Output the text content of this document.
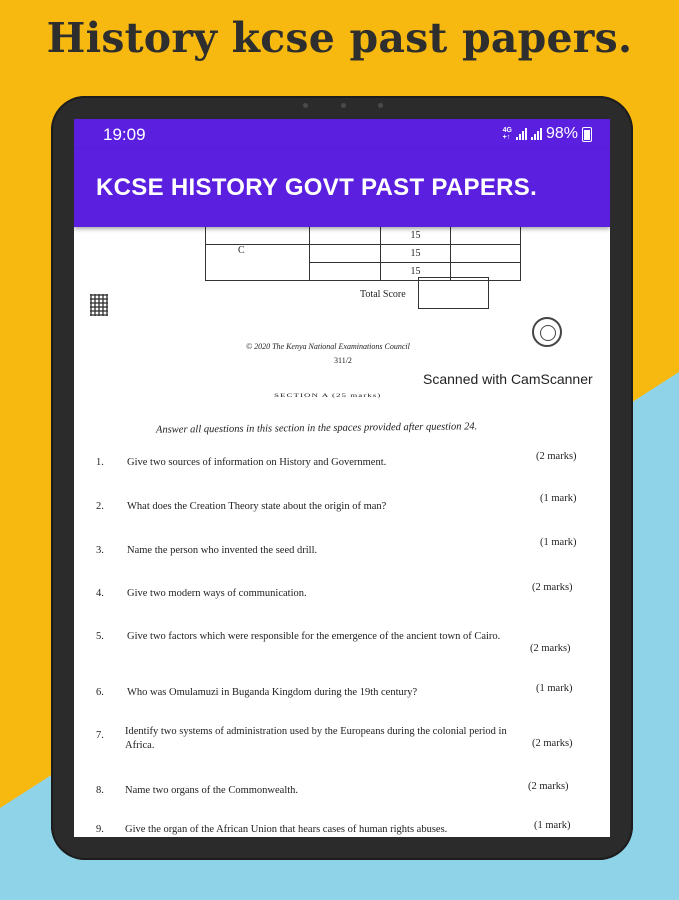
History kcse past papers.
19:09	4G
+↑ 98%
KCSE HISTORY GOVT PAST PAPERS.
		15	
C		15	
		15	
Total Score
© 2020 The Kenya National Examinations Council
311/2
Scanned with CamScanner
SECTION A (25 marks)
Answer all questions in this section in the spaces provided after question 24.
1. Give two sources of information on History and Government.
(2 marks)
2. What does the Creation Theory state about the origin of man?
(1 mark)
3. Name the person who invented the seed drill.
(1 mark)
4. Give two modern ways of communication.
(2 marks)
5. Give two factors which were responsible for the emergence of the ancient town of Cairo.
(2 marks)
6. Who was Omulamuzi in Buganda Kingdom during the 19th century?	(1 mark)
7. Identify two systems of administration used by the Europeans during the colonial period in
Africa.	(2 marks)
8. Name two organs of the Commonwealth.	(2 marks)
9. Give the organ of the African Union that hears cases of human rights abuses.	(1 mark)
